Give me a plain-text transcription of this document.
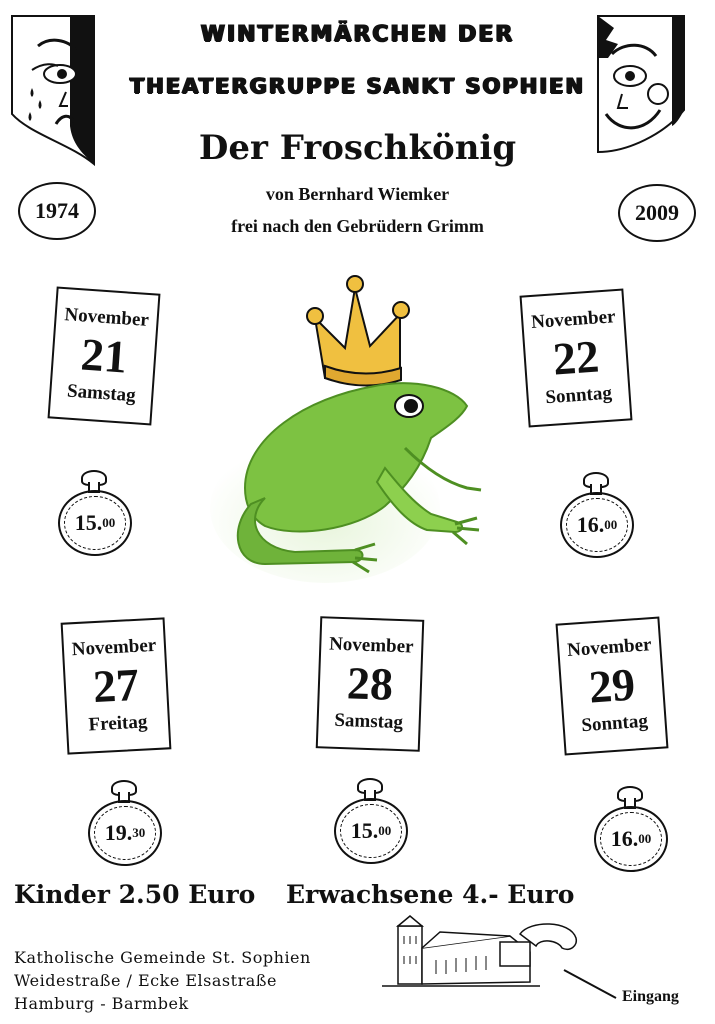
WINTERMÄRCHEN DER
THEATERGRUPPE SANKT SOPHIEN
Der Froschkönig
von Bernhard Wiemker
frei nach den Gebrüdern Grimm
1974	2009
November
21
Samstag
November
22
Sonntag
November
27
Freitag
November
28
Samstag
November
29
Sonntag
15. 00	16. 00
19. 30	15. 00	16. 00
Kinder 2.50 Euro Erwachsene 4.- Euro
Katholische Gemeinde St. Sophien
Weidestraße / Ecke Elsastraße
Hamburg - Barmbek	Eingang
